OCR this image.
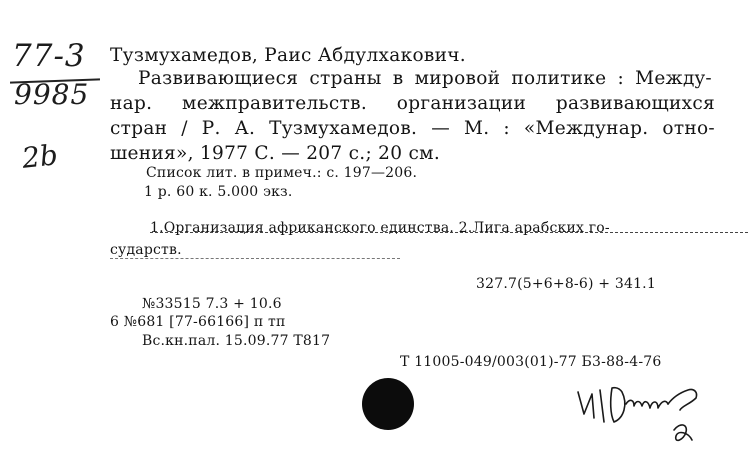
77-3
9985
2b
Тузмухамедов, Раис Абдулхакович.
Развивающиеся страны в мировой политике : Междy-
нар. межправительств. организации развивающихся
стран / Р. А. Тузмухамедов. — М. : «Междунар. отно-
шения», 1977 С. — 207 с.; 20 см.
Список лит. в примеч.: с. 197—206.
1 р. 60 к. 5.000 экз.
1.Организация африканского единства. 2.Лига арабских го-
сударств.
327.7(5+6+8-6) + 341.1
№33515 7.3 + 10.6
6 №681 [77-66166] п тп
Вс.кн.пал. 15.09.77 Т817
Т 11005-049/003(01)-77 Б3-88-4-76
